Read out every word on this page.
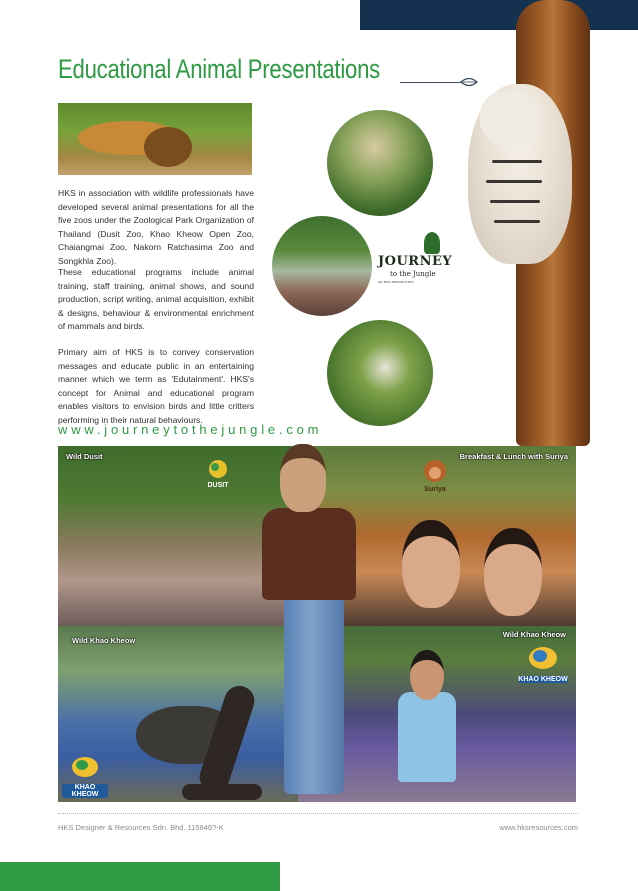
Educational Animal Presentations

HKS in association with wildlife professionals have developed several animal presentations for all the five zoos under the Zoological Park Organization of Thailand (Dusit Zoo, Khao Kheow Open Zoo, Chaiangmai Zoo, Nakorn Ratchasima Zoo and Songkhla Zoo).

These educational programs include animal training, staff training, animal shows, and sound production, script writing, animal acquisition, exhibit & designs, behaviour & environmental enrichment of mammals and birds.

Primary aim of HKS is to convey conservation messages and educate public in an entertaining manner which we term as 'Edutainment'. HKS's concept for Animal and educational program enables visitors to envision birds and little critters performing in their natural behaviours.

www.journeytothejungle.com
JOURNEY
to the Jungle
AN HKS PRODUCTION
Wild Dusit	Breakfast & Lunch with Suriya
Wild Khao Kheow
Wild Khao Kheow
DUSIT
Suriya
KHAO KHEOW
KHAO KHEOW
HKS Designer & Resources Sdn. Bhd. 115846?-K	www.hksresources.com
